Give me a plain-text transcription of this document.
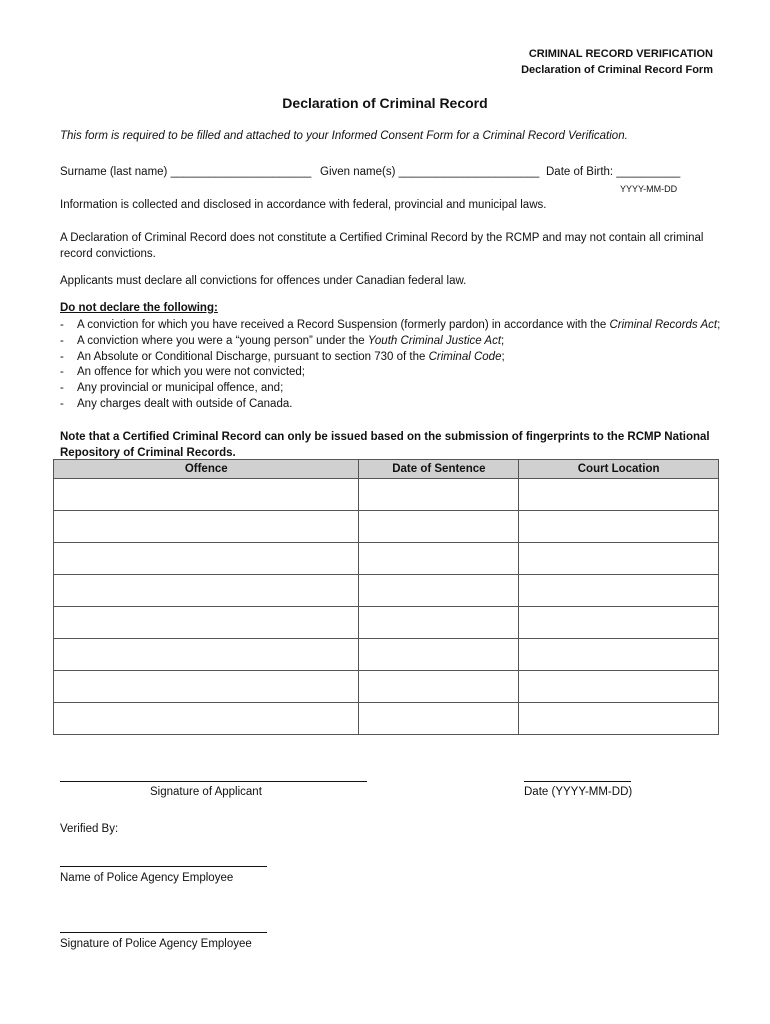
CRIMINAL RECORD VERIFICATION
Declaration of Criminal Record Form
Declaration of Criminal Record
This form is required to be filled and attached to your Informed Consent Form for a Criminal Record Verification.
Surname (last name) ______________________ Given name(s) ______________________ Date of Birth: __________
YYYY-MM-DD
Information is collected and disclosed in accordance with federal, provincial and municipal laws.
A Declaration of Criminal Record does not constitute a Certified Criminal Record by the RCMP and may not contain all criminal record convictions.
Applicants must declare all convictions for offences under Canadian federal law.
Do not declare the following:
- A conviction for which you have received a Record Suspension (formerly pardon) in accordance with the Criminal Records Act;
- A conviction where you were a “young person” under the Youth Criminal Justice Act;
- An Absolute or Conditional Discharge, pursuant to section 730 of the Criminal Code;
- An offence for which you were not convicted;
- Any provincial or municipal offence, and;
- Any charges dealt with outside of Canada.
Note that a Certified Criminal Record can only be issued based on the submission of fingerprints to the RCMP National Repository of Criminal Records.
Offence	Date of Sentence	Court Location

Signature of Applicant	Date (YYYY-MM-DD)
Verified By:
Name of Police Agency Employee
Signature of Police Agency Employee
